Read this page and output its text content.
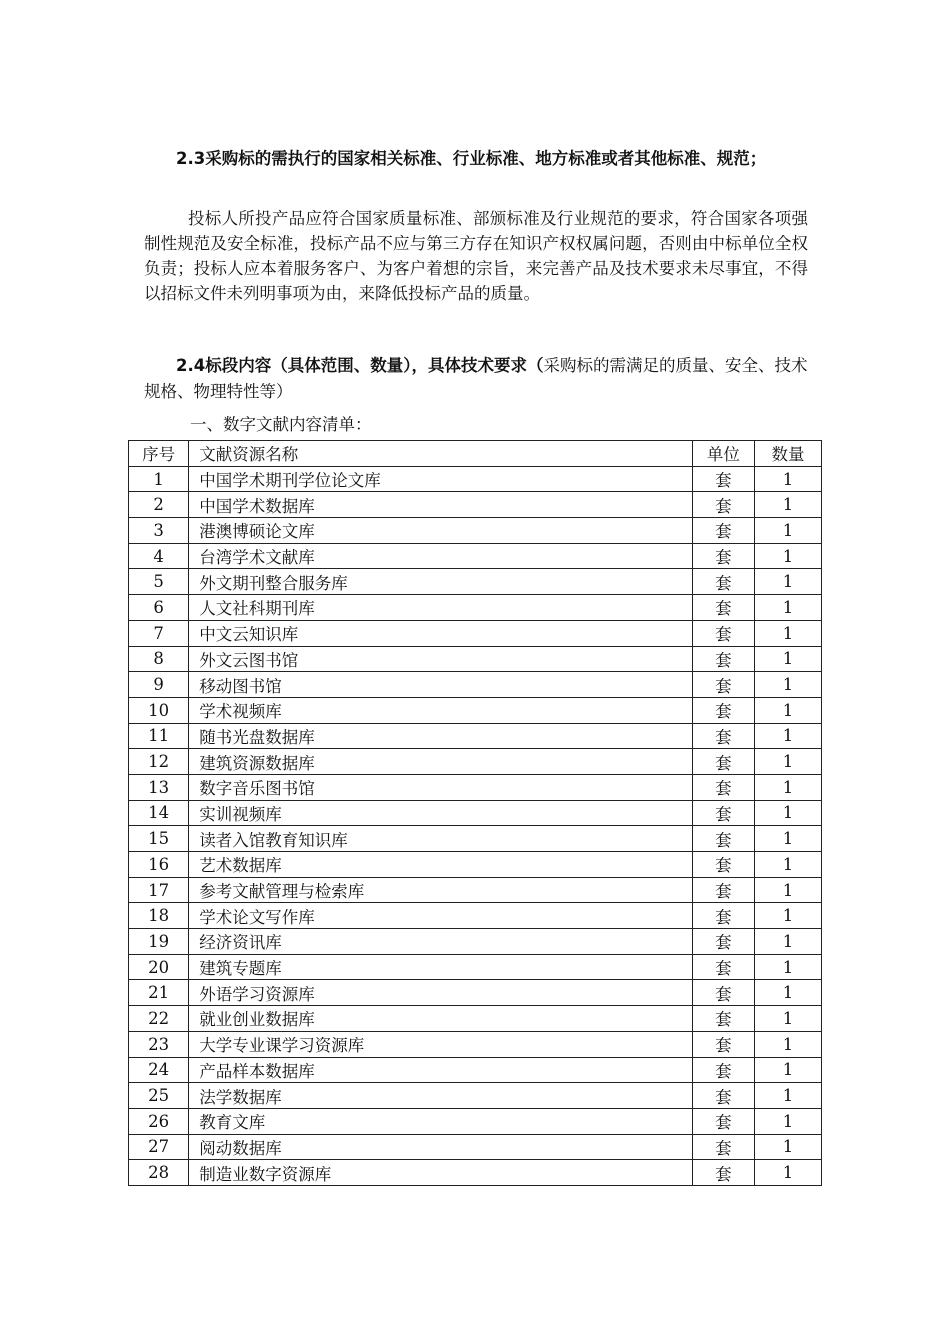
2.3采购标的需执行的国家相关标准、行业标准、地方标准或者其他标准、规范；

投标人所投产品应符合国家质量标准、部颁标准及行业规范的要求，符合国家各项强制性规范及安全标准，投标产品不应与第三方存在知识产权权属问题，否则由中标单位全权负责；投标人应本着服务客户、为客户着想的宗旨，来完善产品及技术要求未尽事宜，不得以招标文件未列明事项为由，来降低投标产品的质量。

2.4标段内容（具体范围、数量），具体技术要求（采购标的需满足的质量、安全、技术规格、物理特性等）

一、数字文献内容清单：
序号	文献资源名称	单位	数量
1	中国学术期刊学位论文库	套	1
2	中国学术数据库	套	1
3	港澳博硕论文库	套	1
4	台湾学术文献库	套	1
5	外文期刊整合服务库	套	1
6	人文社科期刊库	套	1
7	中文云知识库	套	1
8	外文云图书馆	套	1
9	移动图书馆	套	1
10	学术视频库	套	1
11	随书光盘数据库	套	1
12	建筑资源数据库	套	1
13	数字音乐图书馆	套	1
14	实训视频库	套	1
15	读者入馆教育知识库	套	1
16	艺术数据库	套	1
17	参考文献管理与检索库	套	1
18	学术论文写作库	套	1
19	经济资讯库	套	1
20	建筑专题库	套	1
21	外语学习资源库	套	1
22	就业创业数据库	套	1
23	大学专业课学习资源库	套	1
24	产品样本数据库	套	1
25	法学数据库	套	1
26	教育文库	套	1
27	阅动数据库	套	1
28	制造业数字资源库	套	1
